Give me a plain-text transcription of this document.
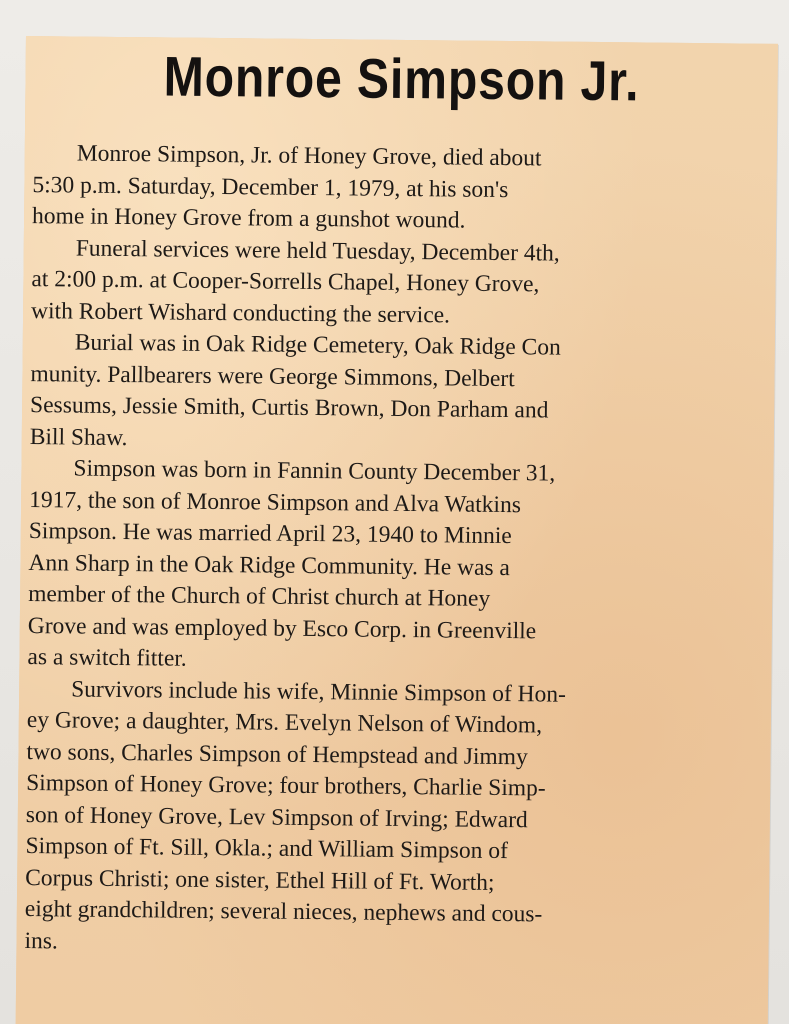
Monroe Simpson Jr.
Monroe Simpson, Jr. of Honey Grove, died about
5:30 p.m. Saturday, December 1, 1979, at his son's
home in Honey Grove from a gunshot wound.
Funeral services were held Tuesday, December 4th,
at 2:00 p.m. at Cooper-Sorrells Chapel, Honey Grove,
with Robert Wishard conducting the service.
Burial was in Oak Ridge Cemetery, Oak Ridge Con
munity. Pallbearers were George Simmons, Delbert
Sessums, Jessie Smith, Curtis Brown, Don Parham and
Bill Shaw.
Simpson was born in Fannin County December 31,
1917, the son of Monroe Simpson and Alva Watkins
Simpson. He was married April 23, 1940 to Minnie
Ann Sharp in the Oak Ridge Community. He was a
member of the Church of Christ church at Honey
Grove and was employed by Esco Corp. in Greenville
as a switch fitter.
Survivors include his wife, Minnie Simpson of Hon-
ey Grove; a daughter, Mrs. Evelyn Nelson of Windom,
two sons, Charles Simpson of Hempstead and Jimmy
Simpson of Honey Grove; four brothers, Charlie Simp-
son of Honey Grove, Lev Simpson of Irving; Edward
Simpson of Ft. Sill, Okla.; and William Simpson of
Corpus Christi; one sister, Ethel Hill of Ft. Worth;
eight grandchildren; several nieces, nephews and cous-
ins.
